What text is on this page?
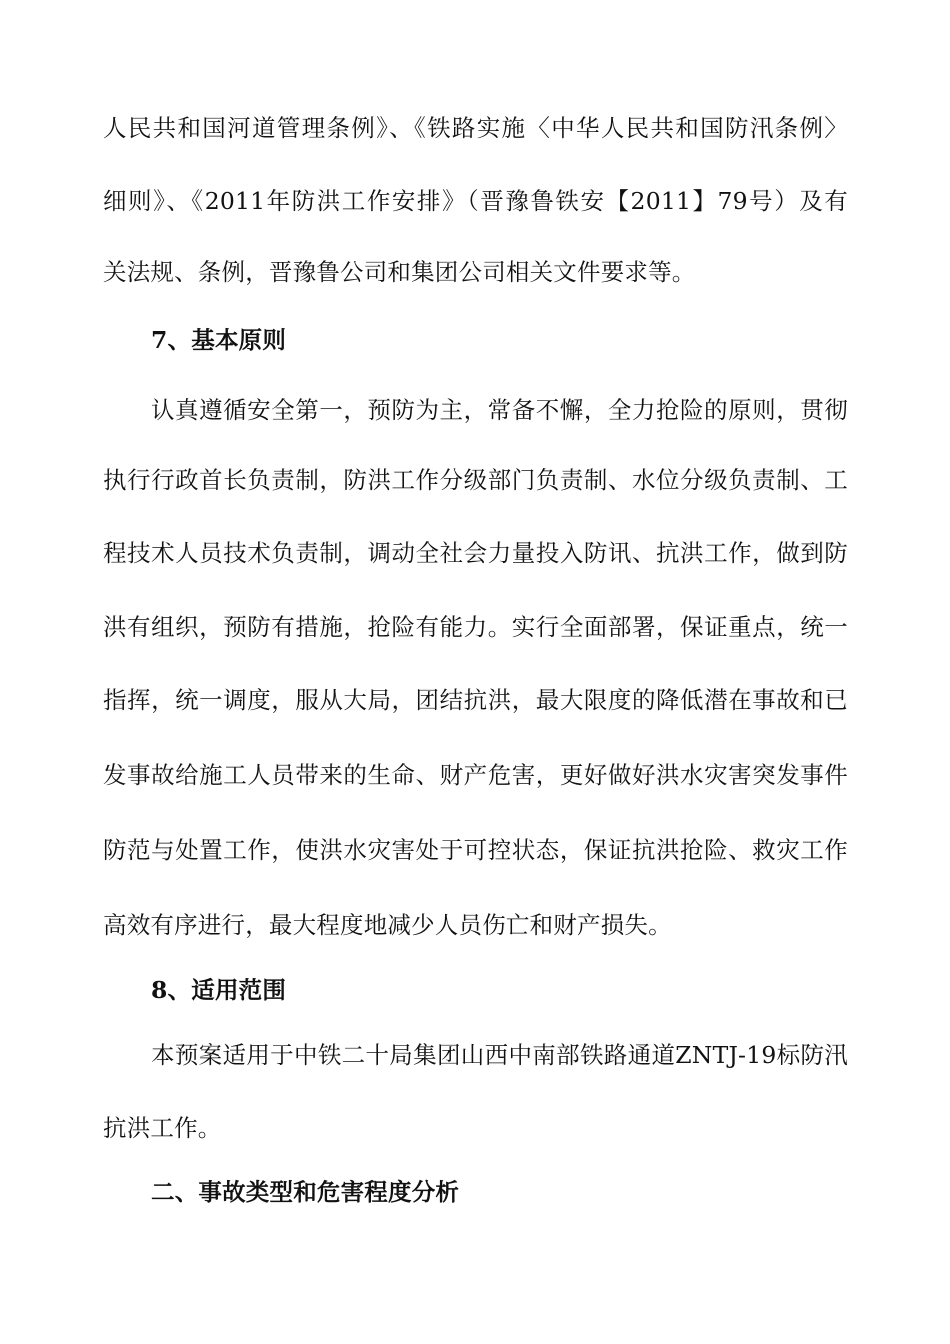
人民共和国河道管理条例》、《铁路实施〈中华人民共和国防汛条例〉
细则》、《2011年防洪工作安排》（晋豫鲁铁安【2011】79号）及有
关法规、条例，晋豫鲁公司和集团公司相关文件要求等。
7、基本原则
认真遵循安全第一，预防为主，常备不懈，全力抢险的原则，贯彻
执行行政首长负责制，防洪工作分级部门负责制、水位分级负责制、工
程技术人员技术负责制，调动全社会力量投入防讯、抗洪工作，做到防
洪有组织，预防有措施，抢险有能力。实行全面部署，保证重点，统一
指挥，统一调度，服从大局，团结抗洪，最大限度的降低潜在事故和已
发事故给施工人员带来的生命、财产危害，更好做好洪水灾害突发事件
防范与处置工作，使洪水灾害处于可控状态，保证抗洪抢险、救灾工作
高效有序进行，最大程度地减少人员伤亡和财产损失。
8、适用范围
本预案适用于中铁二十局集团山西中南部铁路通道ZNTJ-19标防汛
抗洪工作。
二、事故类型和危害程度分析
